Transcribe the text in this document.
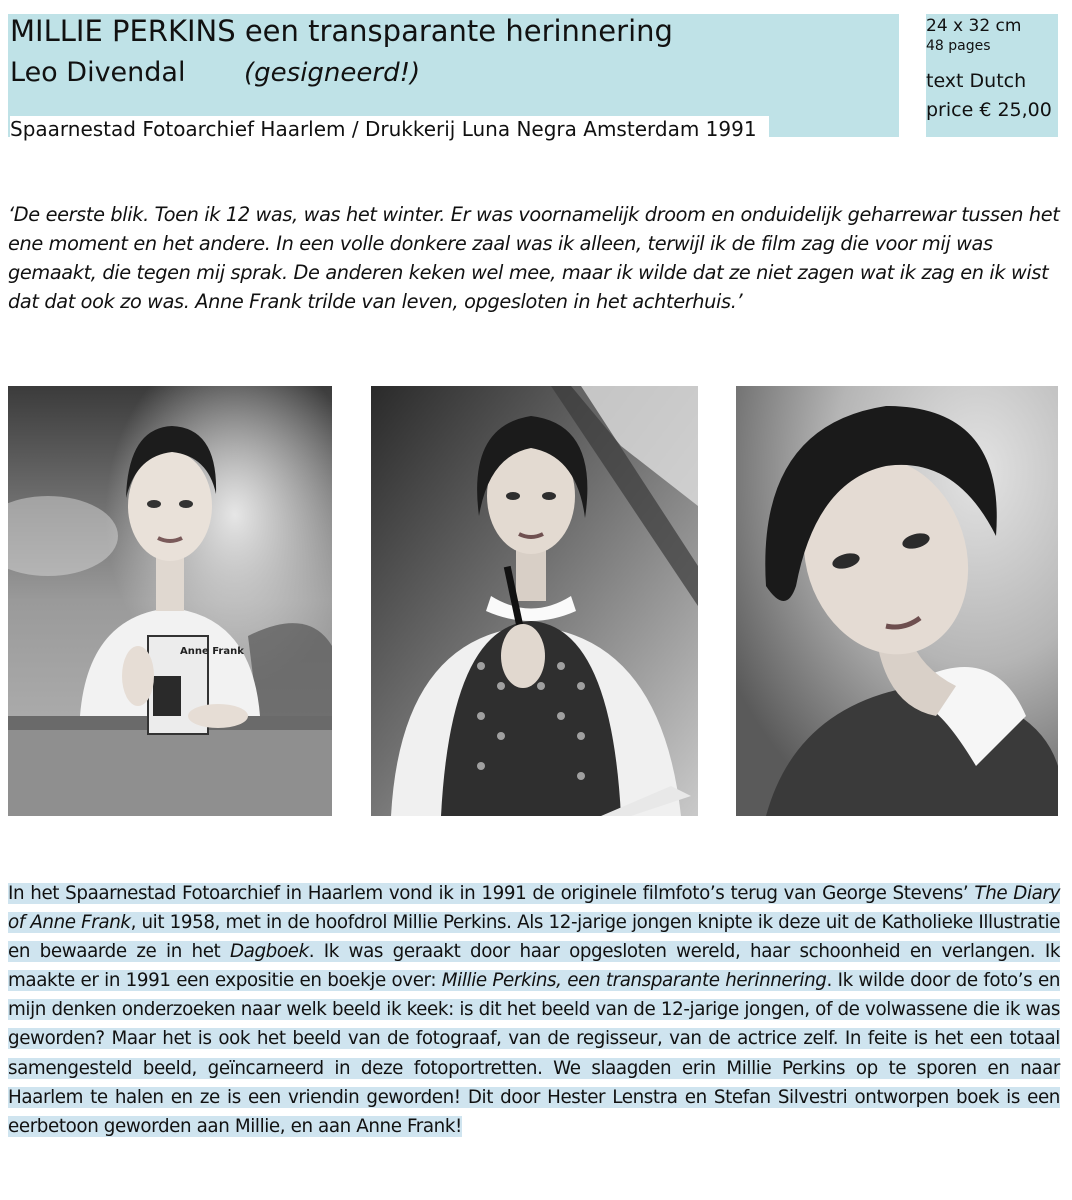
MILLIE PERKINS een transparante herinnering
Leo Divendal (gesigneerd!)
Spaarnestad Fotoarchief Haarlem / Drukkerij Luna Negra Amsterdam 1991
24 x 32 cm
48 pages
text Dutch
price € 25,00

‘De eerste blik. Toen ik 12 was, was het winter. Er was voornamelijk droom en onduidelijk geharrewar tussen het ene moment en het andere. In een volle donkere zaal was ik alleen, terwijl ik de film zag die voor mij was gemaakt, die tegen mij sprak. De anderen keken wel mee, maar ik wilde dat ze niet zagen wat ik zag en ik wist dat dat ook zo was. Anne Frank trilde van leven, opgesloten in het achterhuis.’

Anne Frank

In het Spaarnestad Fotoarchief in Haarlem vond ik in 1991 de originele filmfoto’s terug van George Stevens’ The Diary of Anne Frank, uit 1958, met in de hoofdrol Millie Perkins. Als 12-jarige jongen knipte ik deze uit de Katholieke Illustratie en bewaarde ze in het Dagboek. Ik was geraakt door haar opgesloten wereld, haar schoonheid en verlangen. Ik maakte er in 1991 een expositie en boekje over: Millie Perkins, een transparante herinnering. Ik wilde door de foto’s en mijn denken onderzoeken naar welk beeld ik keek: is dit het beeld van de 12-jarige jongen, of de volwassene die ik was geworden? Maar het is ook het beeld van de fotograaf, van de regisseur, van de actrice zelf. In feite is het een totaal samengesteld beeld, geïncarneerd in deze fotoportretten. We slaagden erin Millie Perkins op te sporen en naar Haarlem te halen en ze is een vriendin geworden! Dit door Hester Lenstra en Stefan Silvestri ontworpen boek is een eerbetoon geworden aan Millie, en aan Anne Frank!
